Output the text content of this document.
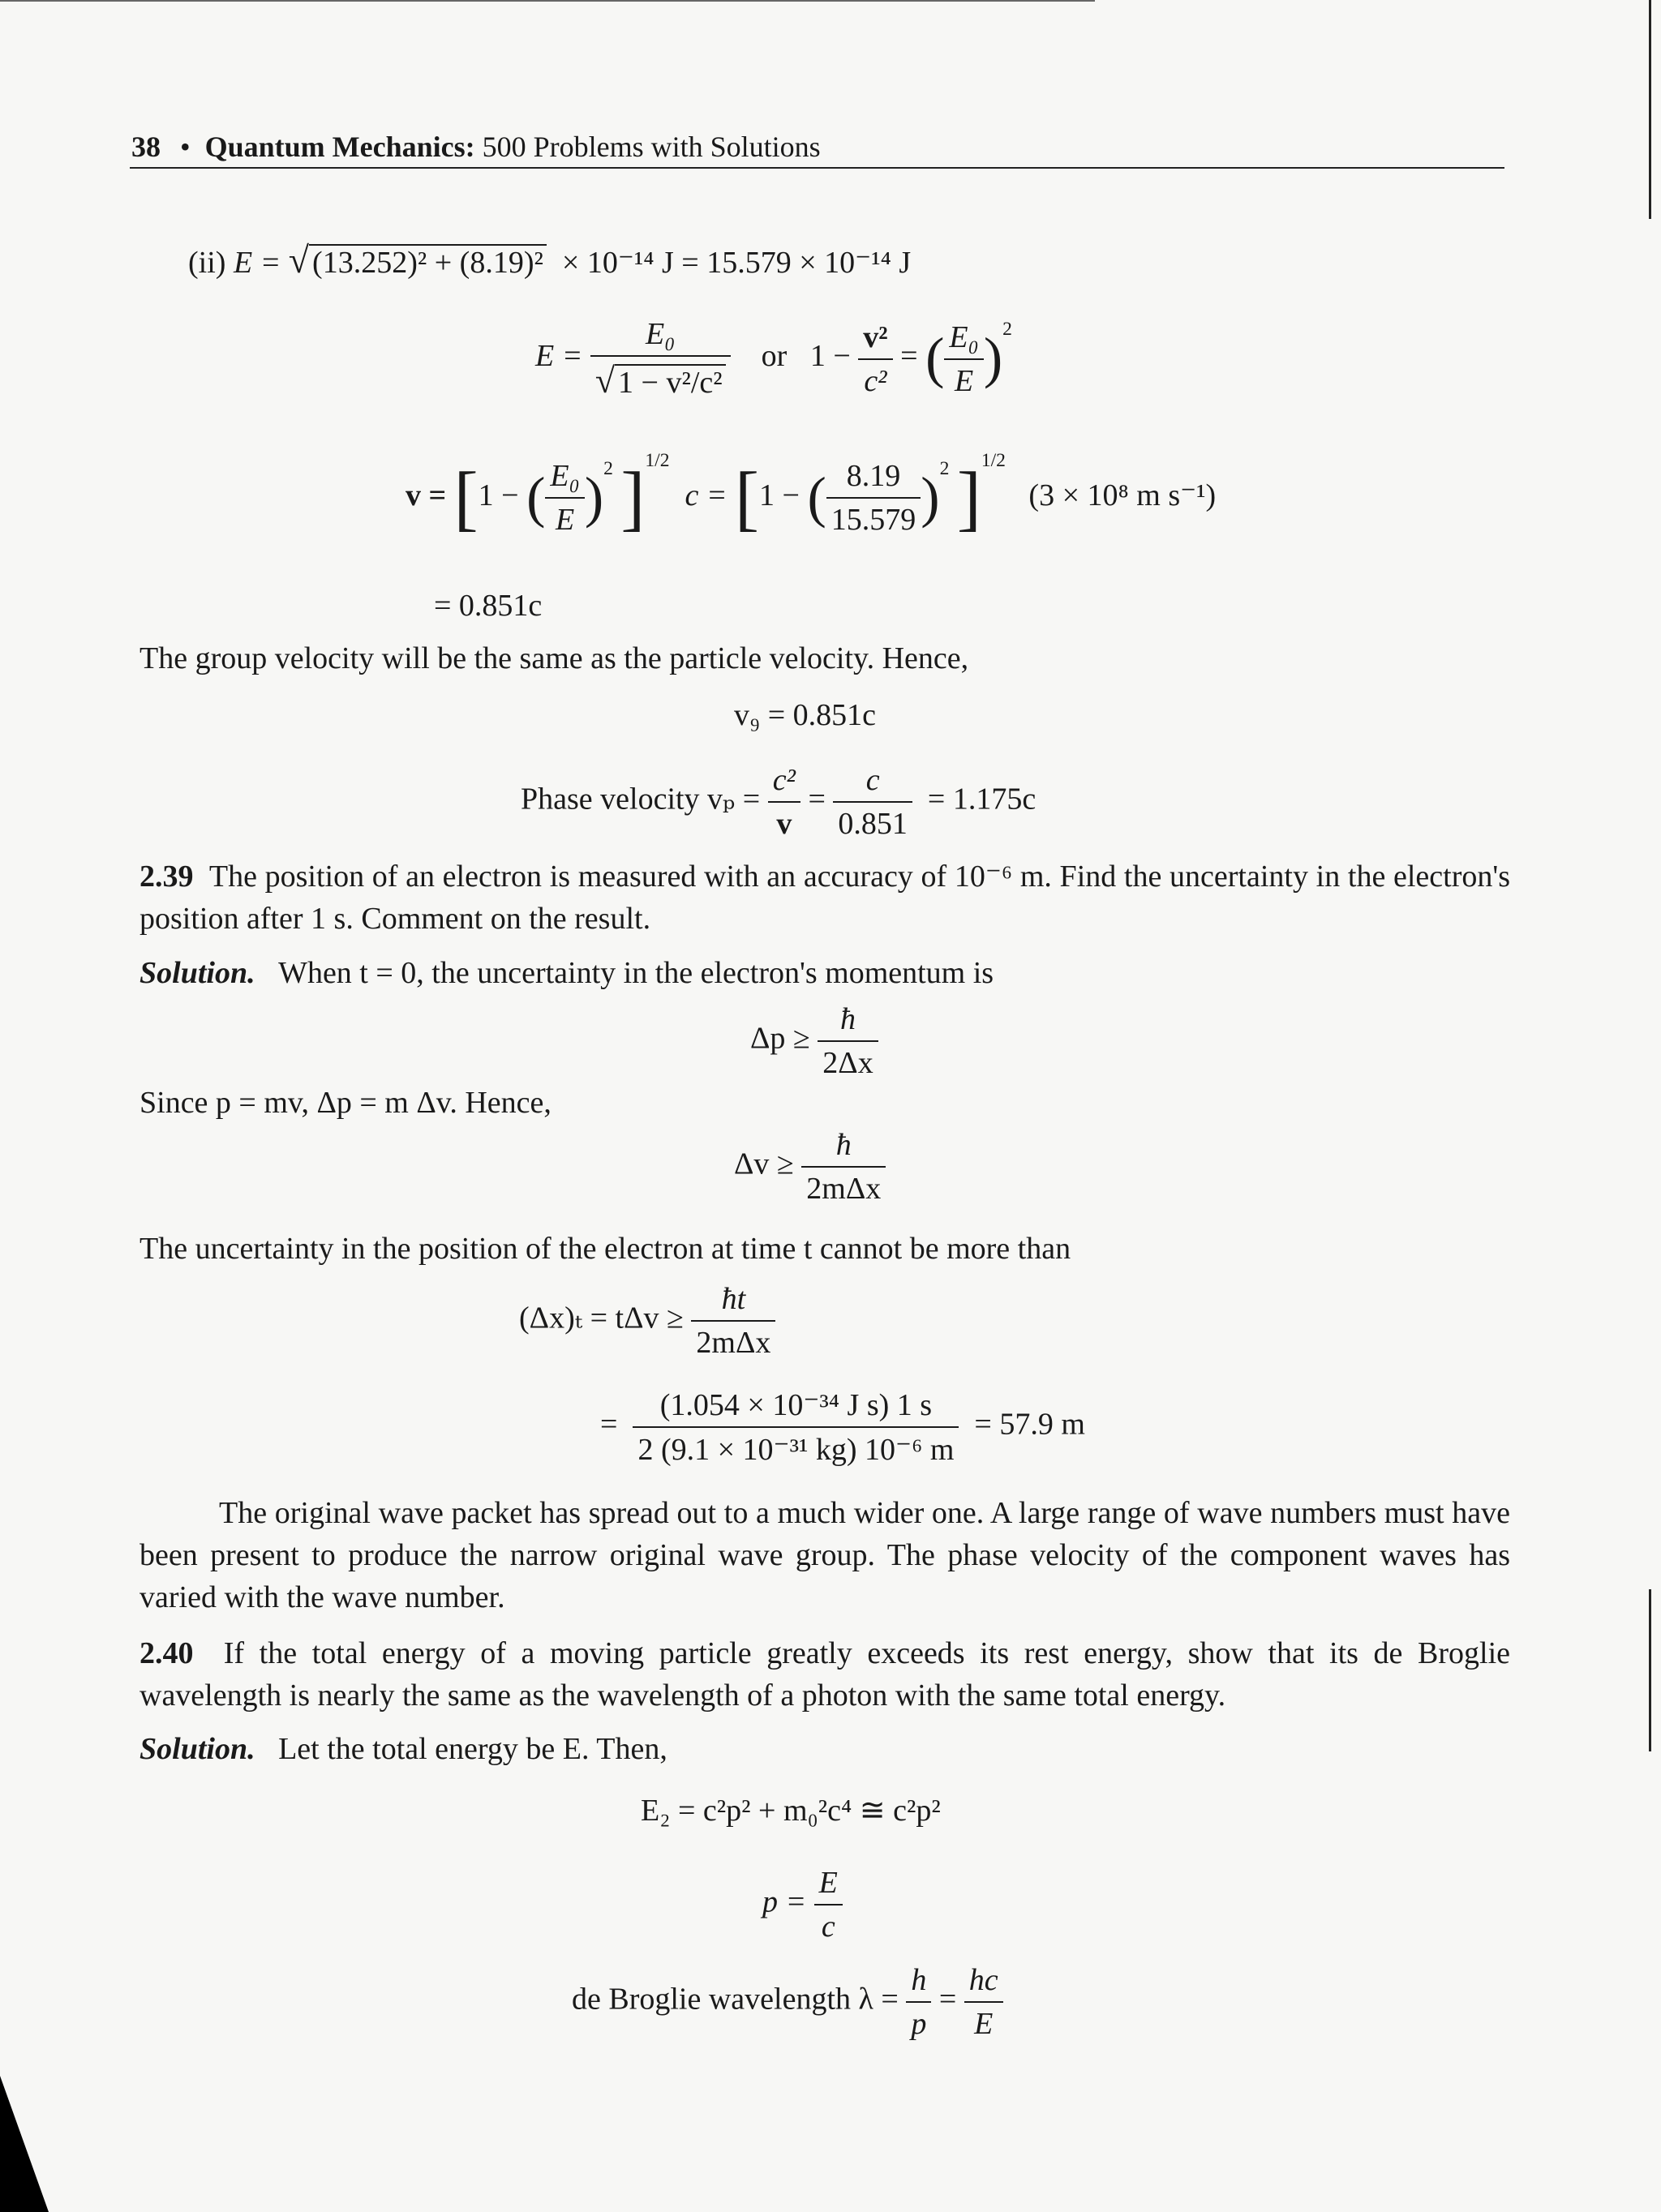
38 • Quantum Mechanics: 500 Problems with Solutions
(ii) E = √ (13.252)² + (8.19)² × 10⁻¹⁴ J = 15.579 × 10⁻¹⁴ J
$E = \frac{\text{E₀}}{\text{√ 1 − v²/c²}}$ or $1 - \frac{\text{v²}}{\text{c²}}$ = ( $\frac{\text{E₀}}{E} )^2$
v = [1 − ( $\frac{\text{E₀}}{E} )^2$ ]$^{1/2}$  c = [1 − ( $\frac{8.19}{15.579} )^2$ ]$^{1/2}$   (3 × 10⁸ m s⁻¹)
= 0.851c
The group velocity will be the same as the particle velocity. Hence,
v₉ = 0.851c
Phase velocity $v_p = \frac{\text{c²}}{v} = \frac{c}{0.851} = 1.175c$
2.39 The position of an electron is measured with an accuracy of 10⁻⁶ m. Find the uncertainty in the electron's position after 1 s. Comment on the result.
Solution. When t = 0, the uncertainty in the electron's momentum is
$\Delta p \ge \frac{ħ}{2\Delta x}$
Since p = mv, Δp = m Δv. Hence,
$\Delta v \ge \frac{ħ}{\text{2mΔx}}$
The uncertainty in the position of the electron at time t cannot be more than
$(\Delta x)_t = t\Delta v \ge \frac{ħt}{\text{2mΔx}}$
= $\frac{\text{(1.054 × 10⁻³⁴ J s) 1 s}}{\text{2 (9.1 × 10⁻³¹ kg) 10⁻⁶ m}} = 57.9$ m
The original wave packet has spread out to a much wider one. A large range of wave numbers must have been present to produce the narrow original wave group. The phase velocity of the component waves has varied with the wave number.
2.40 If the total energy of a moving particle greatly exceeds its rest energy, show that its de Broglie wavelength is nearly the same as the wavelength of a photon with the same total energy.
Solution. Let the total energy be E. Then,
E₂ = c²p² + m₀²c⁴ ≅ c²p²
$p = \frac{E}{c}$
de Broglie wavelength $\lambda = \frac{h}{p} = \frac{hc}{E}$
